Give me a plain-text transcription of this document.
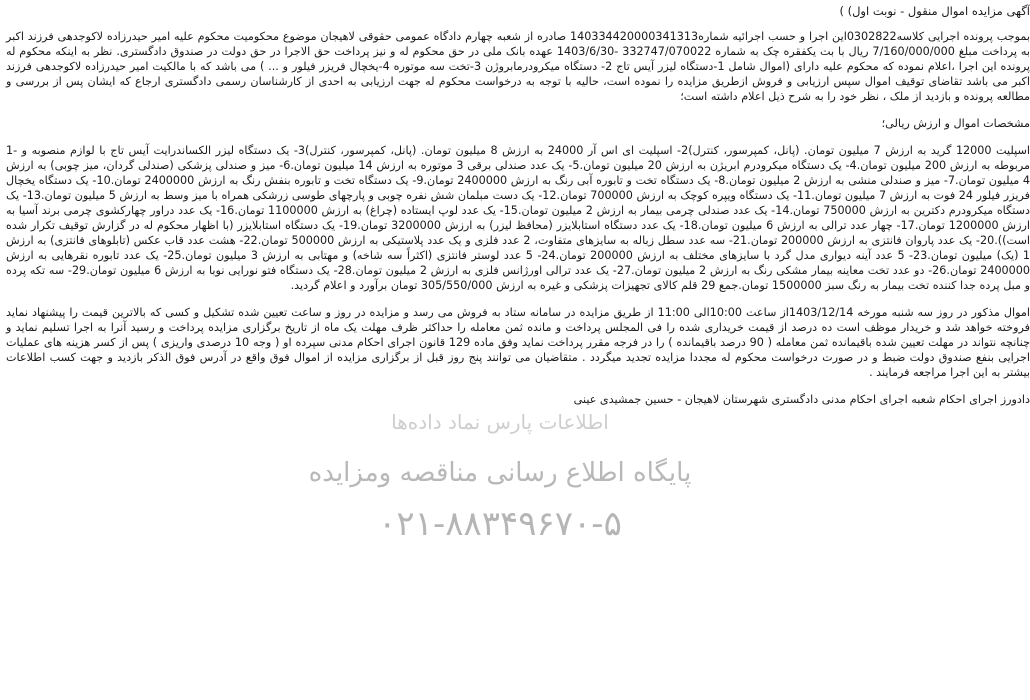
اطلاعات پارس نماد داده‌ها
پایگاه اطلاع رسانی مناقصه ومزایده
۰۲۱-۸۸۳۴۹۶۷۰-۵

آگهی مزایده اموال منقول - نوبت اول) )

بموجب پرونده اجرایی کلاسه0302822این اجرا و حسب اجرائیه شماره140334420000341313 صادره از شعبه چهارم دادگاه عمومی حقوقی لاهیجان موضوع محکومیت محکوم علیه امیر حیدرزاده لاکوجدهی فرزند اکبر به پرداخت مبلغ 7/160/000/000 ریال با بت یکفقره چک به شماره 332747/070022 -1403/6/30 عهده بانک ملی در حق محکوم له و نیز پرداخت حق الاجرا در حق دولت در صندوق دادگستری. نظر به اینکه محکوم له پرونده این اجرا ،اعلام نموده که محکوم علیه دارای (اموال شامل 1-دستگاه لیزر آیس تاج 2- دستگاه میکرودرمابروژن 3-تخت سه موتوره 4-یخچال فریزر فیلور و ... ) می باشد که با مالکیت امیر حیدرزاده لاکوجدهی فرزند اکبر می باشد تقاضای توقیف اموال سپس ارزیابی و فروش ازطریق مزایده را نموده است، حالیه با توجه به درخواست محکوم له جهت ارزیابی به احدی از کارشناسان رسمی دادگستری ارجاع که ایشان پس از بررسی و مطالعه پرونده و بازدید از ملک ، نظر خود را به شرح ذیل اعلام داشته است؛

مشخصات اموال و ارزش ریالی؛

اسپلیت 12000 گرید به ارزش 7 میلیون تومان. (پانل، کمپرسور، کنترل)2- اسپلیت ای اس آر 24000 به ارزش 8 میلیون تومان. (پانل، کمپرسور، کنترل)3- یک دستگاه لیزر الکساندرایت آیس تاج با لوازم منصوبه و -1 مربوطه به ارزش 200 میلیون تومان.4- یک دستگاه میکرودرم ابریژن به ارزش 20 میلیون تومان.5- یک عدد صندلی برقی 3 موتوره به ارزش 14 میلیون تومان.6- میز و صندلی پزشکی (صندلی گردان، میز چوبی) به ارزش 4 میلیون تومان.7- میز و صندلی منشی به ارزش 2 میلیون تومان.8- یک دستگاه تخت و تابوره آبی رنگ به ارزش 2400000 تومان.9- یک دستگاه تخت و تابوره بنفش رنگ به ارزش 2400000 تومان.10- یک دستگاه یخچال فریزر فیلور 24 فوت به ارزش 7 میلیون تومان.11- یک دستگاه ویپره کوچک به ارزش 700000 تومان.12- یک دست مبلمان شش نفره چوبی و پارچهای طوسی زرشکی همراه با میز وسط به ارزش 5 میلیون تومان.13- یک دستگاه میکرودرم دکترین به ارزش 750000 تومان.14- یک عدد صندلی چرمی بیمار به ارزش 2 میلیون تومان.15- یک عدد لوپ ایستاده (چراغ) به ارزش 1100000 تومان.16- یک عدد دراور چهارکشوی چرمی برند آسیا به ارزش 1200000 تومان.17- چهار عدد ترالی به ارزش 6 میلیون تومان.18- یک عدد دستگاه استابلایزر (محافظ لیزر) به ارزش 3200000 تومان.19- یک دستگاه استابلایزر (با اظهار محکوم له در گزارش توقیف تکرار شده است)).20- یک عدد پاروان فانتزی به ارزش 200000 تومان.21- سه عدد سطل زباله به سایزهای متفاوت، 2 عدد فلزی و یک عدد پلاستیکی به ارزش 500000 تومان.22- هشت عدد قاب عکس (تابلوهای فانتزی) به ارزش 1 (یک) میلیون تومان.23- 5 عدد آینه دیواری مدل گرد با سایزهای مختلف به ارزش 200000 تومان.24- 5 عدد لوستر فانتزی (اکثراً سه شاخه) و مهتابی به ارزش 3 میلیون تومان.25- یک عدد تابوره نقرهایی به ارزش 2400000 تومان.26- دو عدد تخت معاینه بیمار مشکی رنگ به ارزش 2 میلیون تومان.27- یک عدد ترالی اورژانس فلزی به ارزش 2 میلیون تومان.28- یک دستگاه فتو نورایی نوبا به ارزش 6 میلیون تومان.29- سه تکه پرده و مبل پرده جدا کننده تخت بیمار به رنگ سبز 1500000 تومان.جمع 29 قلم کالای تجهیزات پزشکی و غیره به ارزش 305/550/000 تومان برآورد و اعلام گردید.

اموال مذکور در روز سه شنبه مورخه 1403/12/14از ساعت 10:00الی 11:00 از طریق مزایده در سامانه ستاد به فروش می رسد و مزایده در روز و ساعت تعیین شده تشکیل و کسی که بالاترین قیمت را پیشنهاد نماید فروخته خواهد شد و خریدار موظف است ده درصد از قیمت خریداری شده را فی المجلس پرداخت و مانده ثمن معامله را حداکثر ظرف مهلت یک ماه از تاریخ برگزاری مزایده پرداخت و رسید آنرا به اجرا تسلیم نماید و چنانچه نتواند در مهلت تعیین شده باقیمانده ثمن معامله ( 90 درصد باقیمانده ) را در فرجه مقرر پرداخت نماید وفق ماده 129 قانون اجرای احکام مدنی سپرده او ( وجه 10 درصدی واریزی ) پس از کسر هزینه های عملیات اجرایی بنفع صندوق دولت ضبط و در صورت درخواست محکوم له مجددا مزایده تجدید میگردد . متقاضیان می توانند پنج روز قبل از برگزاری مزایده از اموال فوق واقع در آدرس فوق الذکر بازدید و جهت کسب اطلاعات بیشتر به این اجرا مراجعه فرمایند .

دادورز اجرای احکام شعبه اجرای احکام مدنی دادگستری شهرستان لاهیجان - حسین جمشیدی عینی
